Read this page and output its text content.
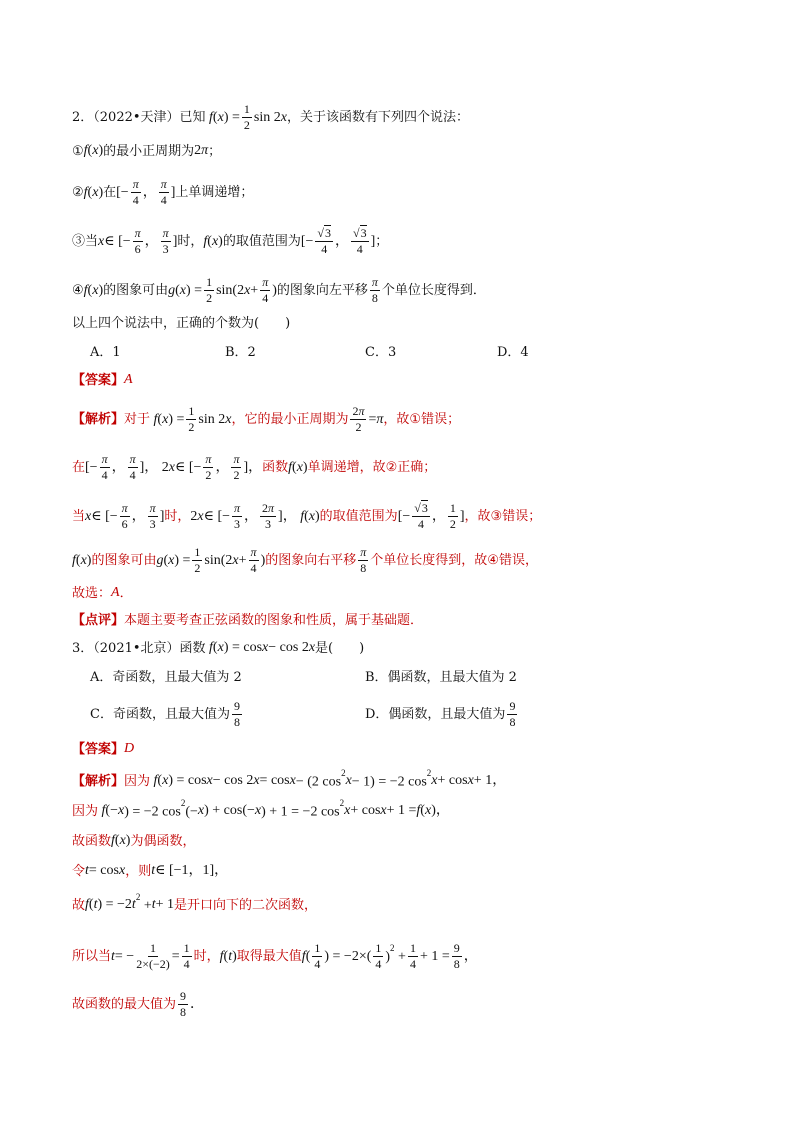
2．（2022•天津）已知 f ( x ) = $\frac{1}{2}$ sin 2 x ，关于该函数有下列四个说法：
① f ( x ) 的最小正周期为 2 π ；
② f ( x ) 在 [− $\frac{\pi}{4}$ ， $\frac{\pi}{4}$ ] 上单调递增；
③当 x ∈ [− $\frac{\pi}{6}$ ， $\frac{\pi}{3}$ ] 时， f ( x ) 的取值范围为 [− $\frac{√3}{4}$ ， $\frac{√3}{4}$ ] ；
④ f ( x ) 的图象可由 g ( x ) = $\frac{1}{2} \sin(2$ $x + \frac{\pi}{4}$ ) 的图象向左平移 $\frac{\pi}{8}$ 个单位长度得到．
以上四个说法中，正确的个数为(　　)
A．1	B．2	C．3	D．4
【答案】 A
【解析】 对于 f ( x ) = $\frac{1}{2}$ sin 2 x ，它的最小正周期为 $\frac{2\pi}{2} = \pi$ ，故 ① 错误；
在 [− $\frac{\pi}{4}$ ， $\frac{\pi}{4}$ ]， 2 x ∈ [− $\frac{\pi}{2}$ ， $\frac{\pi}{2}$ ]， 函数 f ( x ) 单调递增，故 ② 正确；
当 x ∈ [− $\frac{\pi}{6}$ ， $\frac{\pi}{3}$ ] 时， 2 x ∈ [− $\frac{\pi}{3}$ ， $\frac{2\pi}{3}$ ]， f ( x ) 的取值范围为 [− $\frac{√3}{4}$ ， $\frac{1}{2}$ ] ，故 ③ 错误；
f ( x ) 的图象可由 g ( x ) = $\frac{1}{2} \sin(2$ $x + \frac{\pi}{4}$ ) 的图象向右平移 $\frac{\pi}{8}$ 个单位长度得到，故 ④ 错误，
故选： A ．
【点评】 本题主要考查正弦函数的图象和性质，属于基础题．
3．（2021•北京）函数 f ( x ) = cos x − cos 2 x 是(　　)
A．奇函数，且最大值为 2	B．偶函数，且最大值为 2
C．奇函数，且最大值为 $\frac{9}{8}$	D．偶函数，且最大值为 $\frac{9}{8}$
【答案】 D
【解析】 因为 f ( x ) = cos x − cos 2 x = cos x − (2 $\cos^2$
x − 1) = −2 $\cos^2$
x + cos x + 1，
因为 f (− x ) = −2 $\cos^2(- x$ ) + cos(− x ) + 1 = −2 $\cos^2$
x + cos x + 1 = f ( x )，
故函数 f ( x ) 为偶函数，
令 t = cos x ，则 t ∈ [−1，1]，
故 f ( t ) = −2 t
$^2$ + t + 1 是开口向下的二次函数，
所以当 t = − $\frac{1}{2\times(-2)} = \frac{1}{4}$ 时， f ( t ) 取得最大值 f ( $\frac{1}{4}$ ) = $-2\times( \frac{1}{4} )^2 + \frac{1}{4} + 1 = \frac{9}{8}$ ，
故函数的最大值为 $\frac{9}{8}$ ．
